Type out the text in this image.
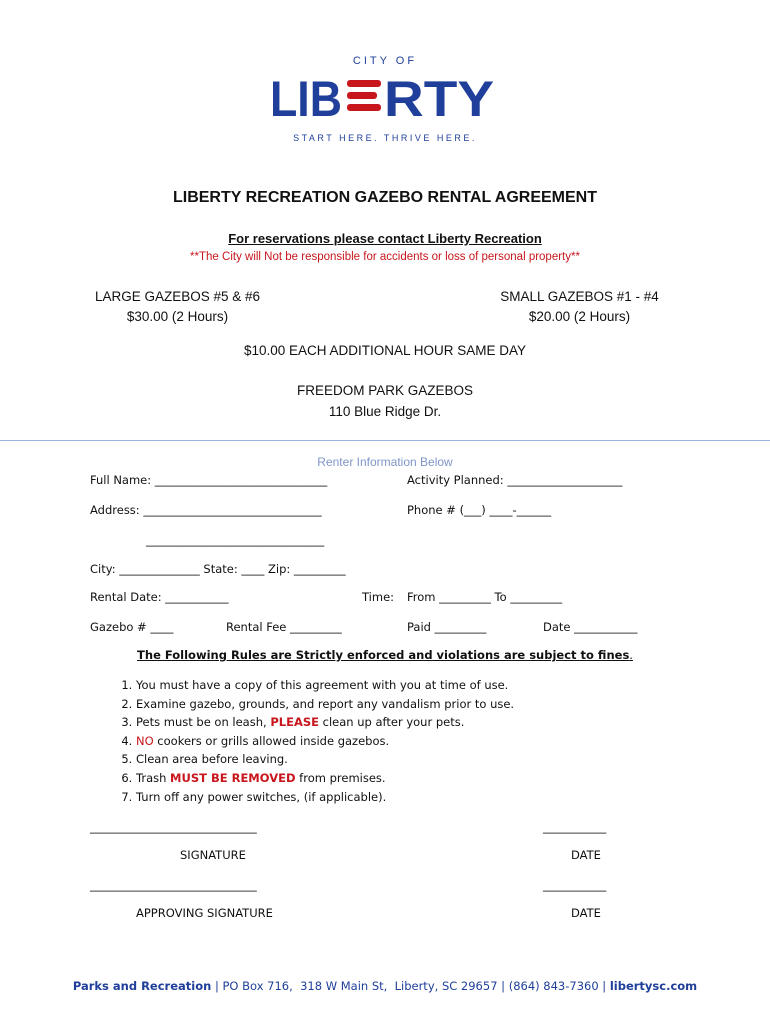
CITY OF
LIB RTY
START HERE. THRIVE HERE.
LIBERTY RECREATION GAZEBO RENTAL AGREEMENT
For reservations please contact Liberty Recreation
**The City will Not be responsible for accidents or loss of personal property**
LARGE GAZEBOS #5 & #6
$30.00 (2 Hours)
SMALL GAZEBOS #1 - #4
$20.00 (2 Hours)
$10.00 EACH ADDITIONAL HOUR SAME DAY
FREEDOM PARK GAZEBOS
110 Blue Ridge Dr.
Renter Information Below
Full Name: ______________________________	Activity Planned: ____________________
Address: _______________________________	Phone # (___) ____-______
_______________________________
City: ______________ State: ____ Zip: _________
Rental Date: ___________	Time: From _________ To _________
Gazebo # ____	Rental Fee _________	Paid _________	Date ___________
The Following Rules are Strictly enforced and violations are subject to fines.
1. You must have a copy of this agreement with you at time of use.
2. Examine gazebo, grounds, and report any vandalism prior to use.
3. Pets must be on leash, PLEASE clean up after your pets.
4. NO cookers or grills allowed inside gazebos.
5. Clean area before leaving.
6. Trash MUST BE REMOVED from premises.
7. Turn off any power switches, (if applicable).
_____________________________	___________
SIGNATURE	DATE
_____________________________	___________
APPROVING SIGNATURE	DATE
Parks and Recreation | PO Box 716,  318 W Main St,  Liberty, SC 29657 | (864) 843-7360 | libertysc.com
